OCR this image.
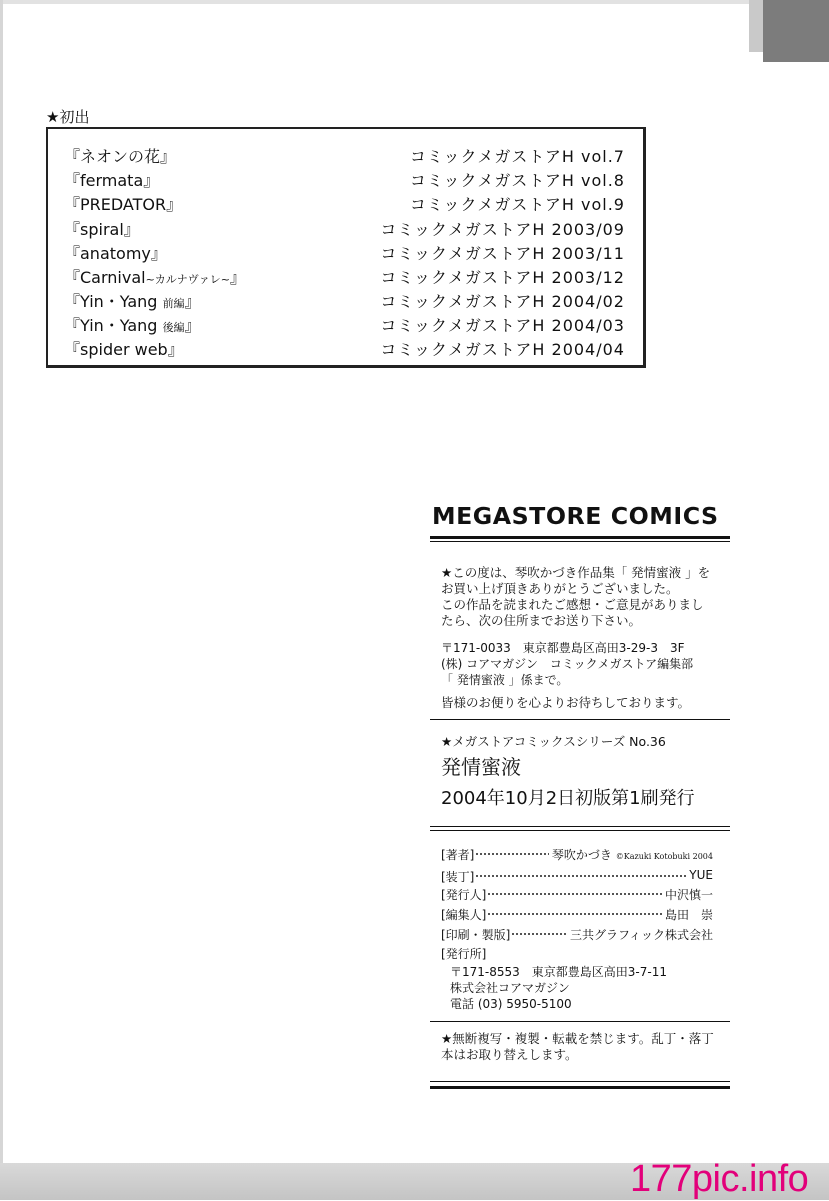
★初出
『ネオンの花』	コミックメガストアH vol.7
『fermata』	コミックメガストアH vol.8
『PREDATOR』	コミックメガストアH vol.9
『spiral』	コミックメガストアH 2003/09
『anatomy』	コミックメガストアH 2003/11
『Carnival~カルナヴァレ~』	コミックメガストアH 2003/12
『Yin・Yang 前編』	コミックメガストアH 2004/02
『Yin・Yang 後編』	コミックメガストアH 2004/03
『spider web』	コミックメガストアH 2004/04
MEGASTORE COMICS
★この度は、琴吹かづき作品集「 発情蜜液 」を
お買い上げ頂きありがとうございました。
この作品を読まれたご感想・ご意見がありまし
たら、次の住所までお送り下さい。
〒171-0033　東京都豊島区高田3-29-3　3F
(株) コアマガジン　コミックメガストア編集部
「 発情蜜液 」係まで。
皆様のお便りを心よりお待ちしております。
★メガストアコミックスシリーズ No.36
発情蜜液
2004年10月2日初版第1刷発行
[著者]	琴吹かづき ©Kazuki Kotobuki 2004
[装丁]	YUE
[発行人]	中沢慎一
[編集人]	島田　崇
[印刷・製版]	三共グラフィック株式会社
[発行所]
〒171-8553　東京都豊島区高田3-7-11
株式会社コアマガジン
電話 (03) 5950-5100
★無断複写・複製・転載を禁じます。乱丁・落丁
本はお取り替えします。
177pic.info
